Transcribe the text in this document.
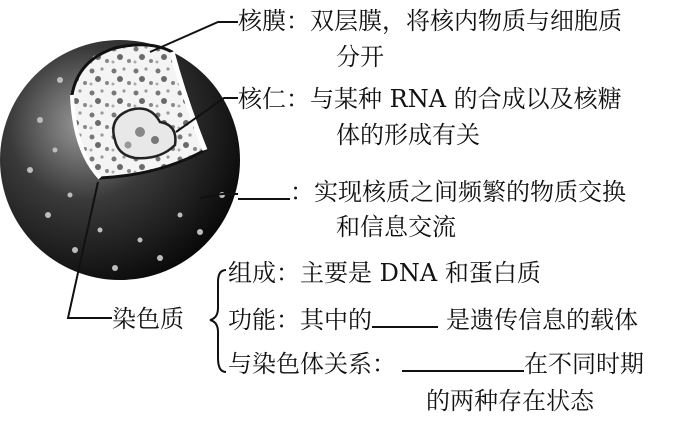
核膜：双层膜，将核内物质与细胞质
分开
核仁：与某种 RNA 的合成以及核糖
体的形成有关
：实现核质之间频繁的物质交换
和信息交流
染色质
组成：主要是 DNA 和蛋白质
功能：其中的	是遗传信息的载体
与染色体关系：	在不同时期
的两种存在状态
